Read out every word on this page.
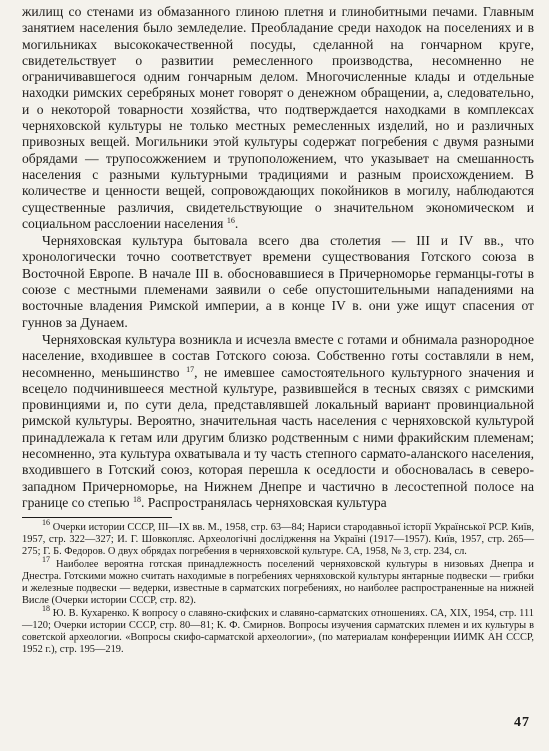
жилищ со стенами из обмазанного глиною плетня и глинобитными печами. Главным занятием населения было земледелие. Преобладание среди находок на поселениях и в могильниках высококачественной посуды, сделанной на гончарном круге, свидетельствует о развитии ремесленного производства, несомненно не ограничивавшегося одним гончарным делом. Многочисленные клады и отдельные находки римских серебряных монет говорят о денежном обращении, а, следовательно, и о некоторой товарности хозяйства, что подтверждается находками в комплексах черняховской культуры не только местных ремесленных изделий, но и различных привозных вещей. Могильники этой культуры содержат погребения с двумя разными обрядами — трупосожжением и трупоположением, что указывает на смешанность населения с разными культурными традициями и разным происхождением. В количестве и ценности вещей, сопровождающих покойников в могилу, наблюдаются существенные различия, свидетельствующие о значительном экономическом и социальном расслоении населения $^{16}$.

Черняховская культура бытовала всего два столетия — III и IV вв., что хронологически точно соответствует времени существования Готского союза в Восточной Европе. В начале III в. обосновавшиеся в Причерноморье германцы-готы в союзе с местными племенами заявили о себе опустошительными нападениями на восточные владения Римской империи, а в конце IV в. они уже ищут спасения от гуннов за Дунаем.

Черняховская культура возникла и исчезла вместе с готами и обнимала разнородное население, входившее в состав Готского союза. Собственно готы составляли в нем, несомненно, меньшинство $^{17}$, не имевшее самостоятельного культурного значения и всецело подчинившееся местной культуре, развившейся в тесных связях с римскими провинциями и, по сути дела, представлявшей локальный вариант провинциальной римской культуры. Вероятно, значительная часть населения с черняховской культурой принадлежала к гетам или другим близко родственным с ними фракийским племенам; несомненно, эта культура охватывала и ту часть степного сармато-аланского населения, входившего в Готский союз, которая перешла к оседлости и обосновалась в северо-западном Причерноморье, на Нижнем Днепре и частично в лесостепной полосе на границе со степью $^{18}$. Распространялась черняховская культура

$^{16}$ Очерки истории СССР, III—IX вв. М., 1958, стр. 63—84; Нариси стародавньої історії Української РСР. Київ, 1957, стр. 322—327; И. Г. Шовкопляс. Археологічні дослідження на Україні (1917—1957). Київ, 1957, стр. 265—275; Г. Б. Федоров. О двух обрядах погребения в черняховской культуре. СА, 1958, № 3, стр. 234, сл.

$^{17}$ Наиболее вероятна готская принадлежность поселений черняховской культуры в низовьях Днепра и Днестра. Готскими можно считать находимые в погребениях черняховской культуры янтарные подвески — грибки и железные подвески — ведерки, известные в сарматских погребениях, но наиболее распространенные на нижней Висле (Очерки истории СССР, стр. 82).

$^{18}$ Ю. В. Кухаренко. К вопросу о славяно-скифских и славяно-сарматских отношениях. СА, XIX, 1954, стр. 111—120; Очерки истории СССР, стр. 80—81; К. Ф. Смирнов. Вопросы изучения сарматских племен и их культуры в советской археологии. «Вопросы скифо-сарматской археологии», (по материалам конференции ИИМК АН СССР, 1952 г.), стр. 195—219.

47
